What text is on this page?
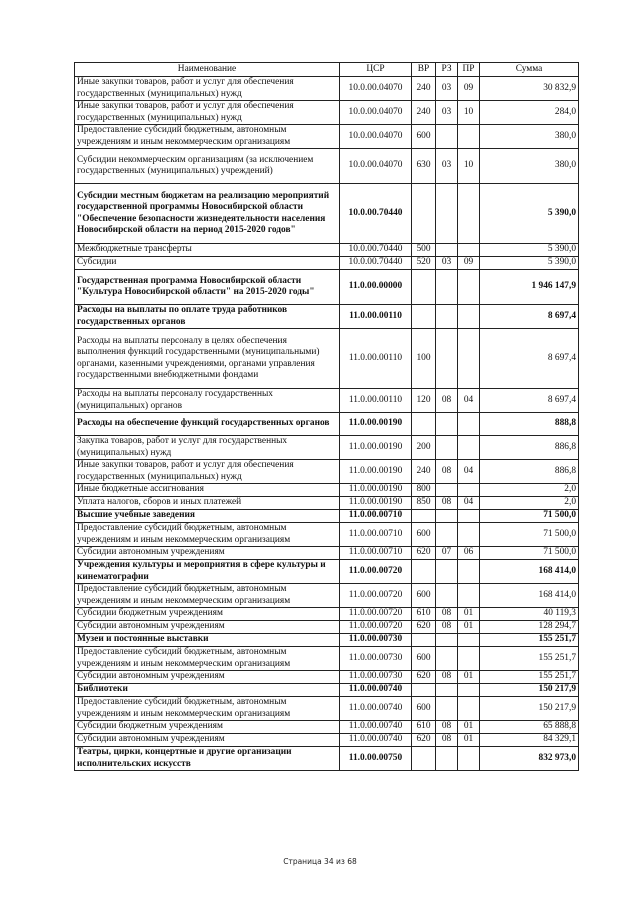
Наименование	ЦСР	ВР	РЗ	ПР	Сумма
Иные закупки товаров, работ и услуг для обеспечения государственных (муниципальных) нужд	10.0.00.04070	240	03	09	30 832,9
Иные закупки товаров, работ и услуг для обеспечения государственных (муниципальных) нужд	10.0.00.04070	240	03	10	284,0
Предоставление субсидий бюджетным, автономным учреждениям и иным некоммерческим организациям	10.0.00.04070	600			380,0
Субсидии некоммерческим организациям (за исключением государственных (муниципальных) учреждений)	10.0.00.04070	630	03	10	380,0
Субсидии местным бюджетам на реализацию мероприятий государственной программы Новосибирской области "Обеспечение безопасности жизнедеятельности населения Новосибирской области на период 2015-2020 годов"	10.0.00.70440				5 390,0
Межбюджетные трансферты	10.0.00.70440	500			5 390,0
Субсидии	10.0.00.70440	520	03	09	5 390,0
Государственная программа Новосибирской области "Культура Новосибирской области" на 2015-2020 годы"	11.0.00.00000				1 946 147,9
Расходы на выплаты по оплате труда работников государственных органов	11.0.00.00110				8 697,4
Расходы на выплаты персоналу в целях обеспечения выполнения функций государственными (муниципальными) органами, казенными учреждениями, органами управления государственными внебюджетными фондами	11.0.00.00110	100			8 697,4
Расходы на выплаты персоналу государственных (муниципальных) органов	11.0.00.00110	120	08	04	8 697,4
Расходы на обеспечение функций государственных органов	11.0.00.00190				888,8
Закупка товаров, работ и услуг для государственных (муниципальных) нужд	11.0.00.00190	200			886,8
Иные закупки товаров, работ и услуг для обеспечения государственных (муниципальных) нужд	11.0.00.00190	240	08	04	886,8
Иные бюджетные ассигнования	11.0.00.00190	800			2,0
Уплата налогов, сборов и иных платежей	11.0.00.00190	850	08	04	2,0
Высшие учебные заведения	11.0.00.00710				71 500,0
Предоставление субсидий бюджетным, автономным учреждениям и иным некоммерческим организациям	11.0.00.00710	600			71 500,0
Субсидии автономным учреждениям	11.0.00.00710	620	07	06	71 500,0
Учреждения культуры и мероприятия в сфере культуры и кинематографии	11.0.00.00720				168 414,0
Предоставление субсидий бюджетным, автономным учреждениям и иным некоммерческим организациям	11.0.00.00720	600			168 414,0
Субсидии бюджетным учреждениям	11.0.00.00720	610	08	01	40 119,3
Субсидии автономным учреждениям	11.0.00.00720	620	08	01	128 294,7
Музеи и постоянные выставки	11.0.00.00730				155 251,7
Предоставление субсидий бюджетным, автономным учреждениям и иным некоммерческим организациям	11.0.00.00730	600			155 251,7
Субсидии автономным учреждениям	11.0.00.00730	620	08	01	155 251,7
Библиотеки	11.0.00.00740				150 217,9
Предоставление субсидий бюджетным, автономным учреждениям и иным некоммерческим организациям	11.0.00.00740	600			150 217,9
Субсидии бюджетным учреждениям	11.0.00.00740	610	08	01	65 888,8
Субсидии автономным учреждениям	11.0.00.00740	620	08	01	84 329,1
Театры, цирки, концертные и другие организации исполнительских искусств	11.0.00.00750				832 973,0
Страница 34 из 68
